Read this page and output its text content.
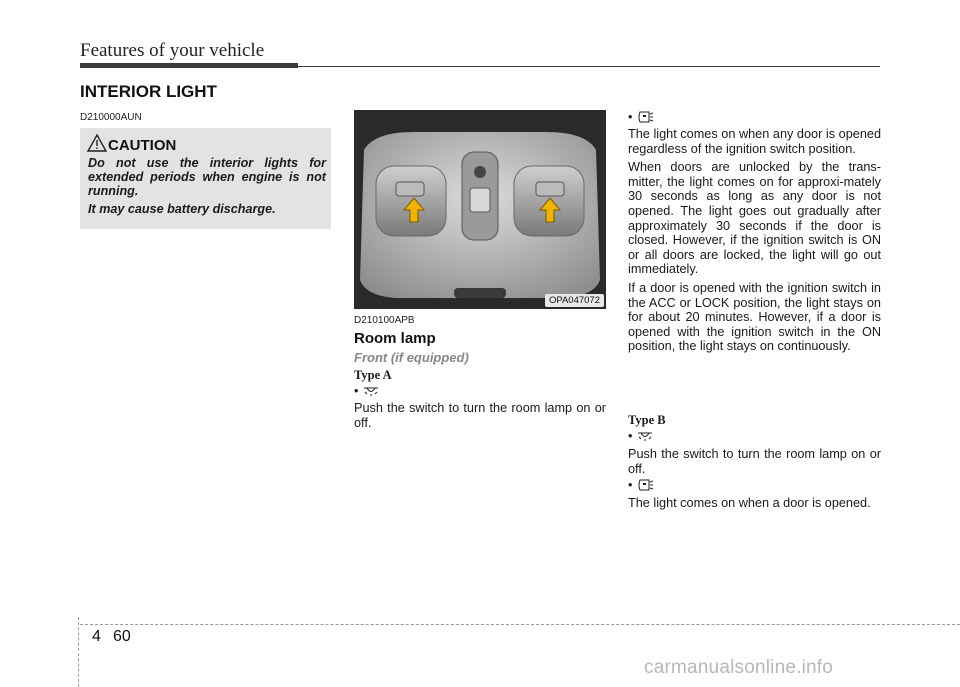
Features of your vehicle
INTERIOR LIGHT
D210000AUN
CAUTION

Do not use the interior lights for extended periods when engine is not running.

It may cause battery discharge.

OPA047072
D210100APB
Room lamp
Front (if equipped)
Type A
•

Push the switch to turn the room lamp on or off.

•

The light comes on when any door is opened regardless of the ignition switch position.

When doors are unlocked by the trans-mitter, the light comes on for approxi-mately 30 seconds as long as any door is not opened. The light goes out gradually after approximately 30 seconds if the door is closed. However, if the ignition switch is ON or all doors are locked, the light will go out immediately.

If a door is opened with the ignition switch in the ACC or LOCK position, the light stays on for about 20 minutes. However, if a door is opened with the ignition switch in the ON position, the light stays on continuously.

Type B
•

Push the switch to turn the room lamp on or off.

•

The light comes on when a door is opened.

4 60
carmanualsonline.info
